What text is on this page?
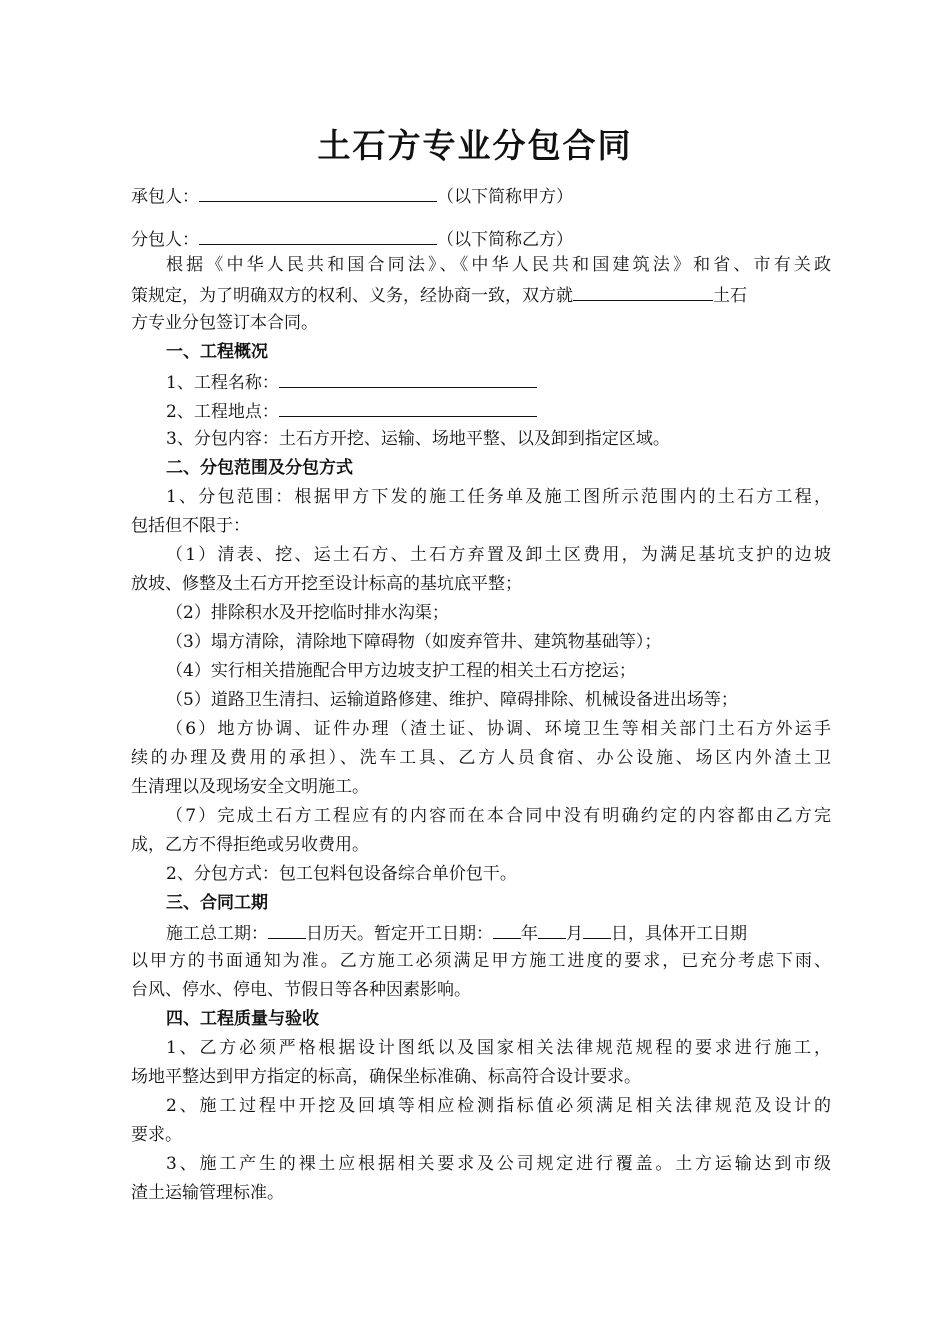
土石方专业分包合同
承包人：	（以下简称甲方）
分包人：	（以下简称乙方）
根据《中华人民共和国合同法》、《中华人民共和国建筑法》和省、市有关政
策规定，为了明确双方的权利、义务，经协商一致，双方就	土石
方专业分包签订本合同。
一、工程概况
1、工程名称：
2、工程地点：
3、分包内容：土石方开挖、运输、场地平整、以及卸到指定区域。
二、分包范围及分包方式
1、分包范围：根据甲方下发的施工任务单及施工图所示范围内的土石方工程，
包括但不限于：
（1）清表、挖、运土石方、土石方弃置及卸土区费用，为满足基坑支护的边坡
放坡、修整及土石方开挖至设计标高的基坑底平整；
（2）排除积水及开挖临时排水沟渠；
（3）塌方清除，清除地下障碍物（如废弃管井、建筑物基础等）；
（4）实行相关措施配合甲方边坡支护工程的相关土石方挖运；
（5）道路卫生清扫、运输道路修建、维护、障碍排除、机械设备进出场等；
（6）地方协调、证件办理（渣土证、协调、环境卫生等相关部门土石方外运手
续的办理及费用的承担）、洗车工具、乙方人员食宿、办公设施、场区内外渣土卫
生清理以及现场安全文明施工。
（7）完成土石方工程应有的内容而在本合同中没有明确约定的内容都由乙方完
成，乙方不得拒绝或另收费用。
2、分包方式：包工包料包设备综合单价包干。
三、合同工期
施工总工期： 日历天。暂定开工日期： 年 月 日，具体开工日期
以甲方的书面通知为准。乙方施工必须满足甲方施工进度的要求，已充分考虑下雨、
台风、停水、停电、节假日等各种因素影响。
四、工程质量与验收
1、乙方必须严格根据设计图纸以及国家相关法律规范规程的要求进行施工，
场地平整达到甲方指定的标高，确保坐标准确、标高符合设计要求。
2、施工过程中开挖及回填等相应检测指标值必须满足相关法律规范及设计的
要求。
3、施工产生的裸土应根据相关要求及公司规定进行覆盖。土方运输达到市级
渣土运输管理标准。
